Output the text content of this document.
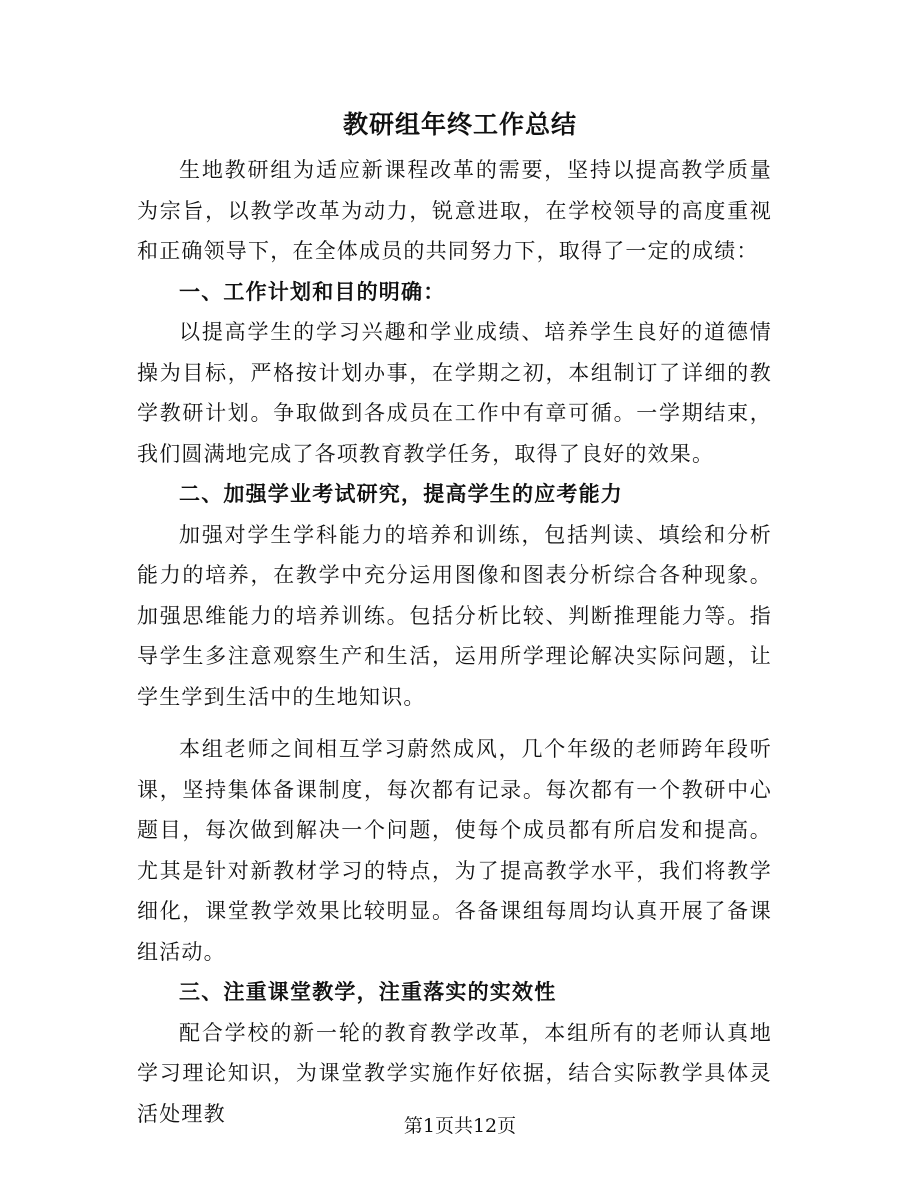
教研组年终工作总结

生地教研组为适应新课程改革的需要，坚持以提高教学质量为宗旨，以教学改革为动力，锐意进取，在学校领导的高度重视和正确领导下，在全体成员的共同努力下，取得了一定的成绩：

一、工作计划和目的明确：

以提高学生的学习兴趣和学业成绩、培养学生良好的道德情操为目标，严格按计划办事，在学期之初，本组制订了详细的教学教研计划。争取做到各成员在工作中有章可循。一学期结束，我们圆满地完成了各项教育教学任务，取得了良好的效果。

二、加强学业考试研究，提高学生的应考能力

加强对学生学科能力的培养和训练，包括判读、填绘和分析能力的培养，在教学中充分运用图像和图表分析综合各种现象。加强思维能力的培养训练。包括分析比较、判断推理能力等。指导学生多注意观察生产和生活，运用所学理论解决实际问题，让学生学到生活中的生地知识。

本组老师之间相互学习蔚然成风，几个年级的老师跨年段听课，坚持集体备课制度，每次都有记录。每次都有一个教研中心题目，每次做到解决一个问题，使每个成员都有所启发和提高。尤其是针对新教材学习的特点，为了提高教学水平，我们将教学细化，课堂教学效果比较明显。各备课组每周均认真开展了备课组活动。

三、注重课堂教学，注重落实的实效性

配合学校的新一轮的教育教学改革，本组所有的老师认真地学习理论知识，为课堂教学实施作好依据，结合实际教学具体灵活处理教

第1页共12页
